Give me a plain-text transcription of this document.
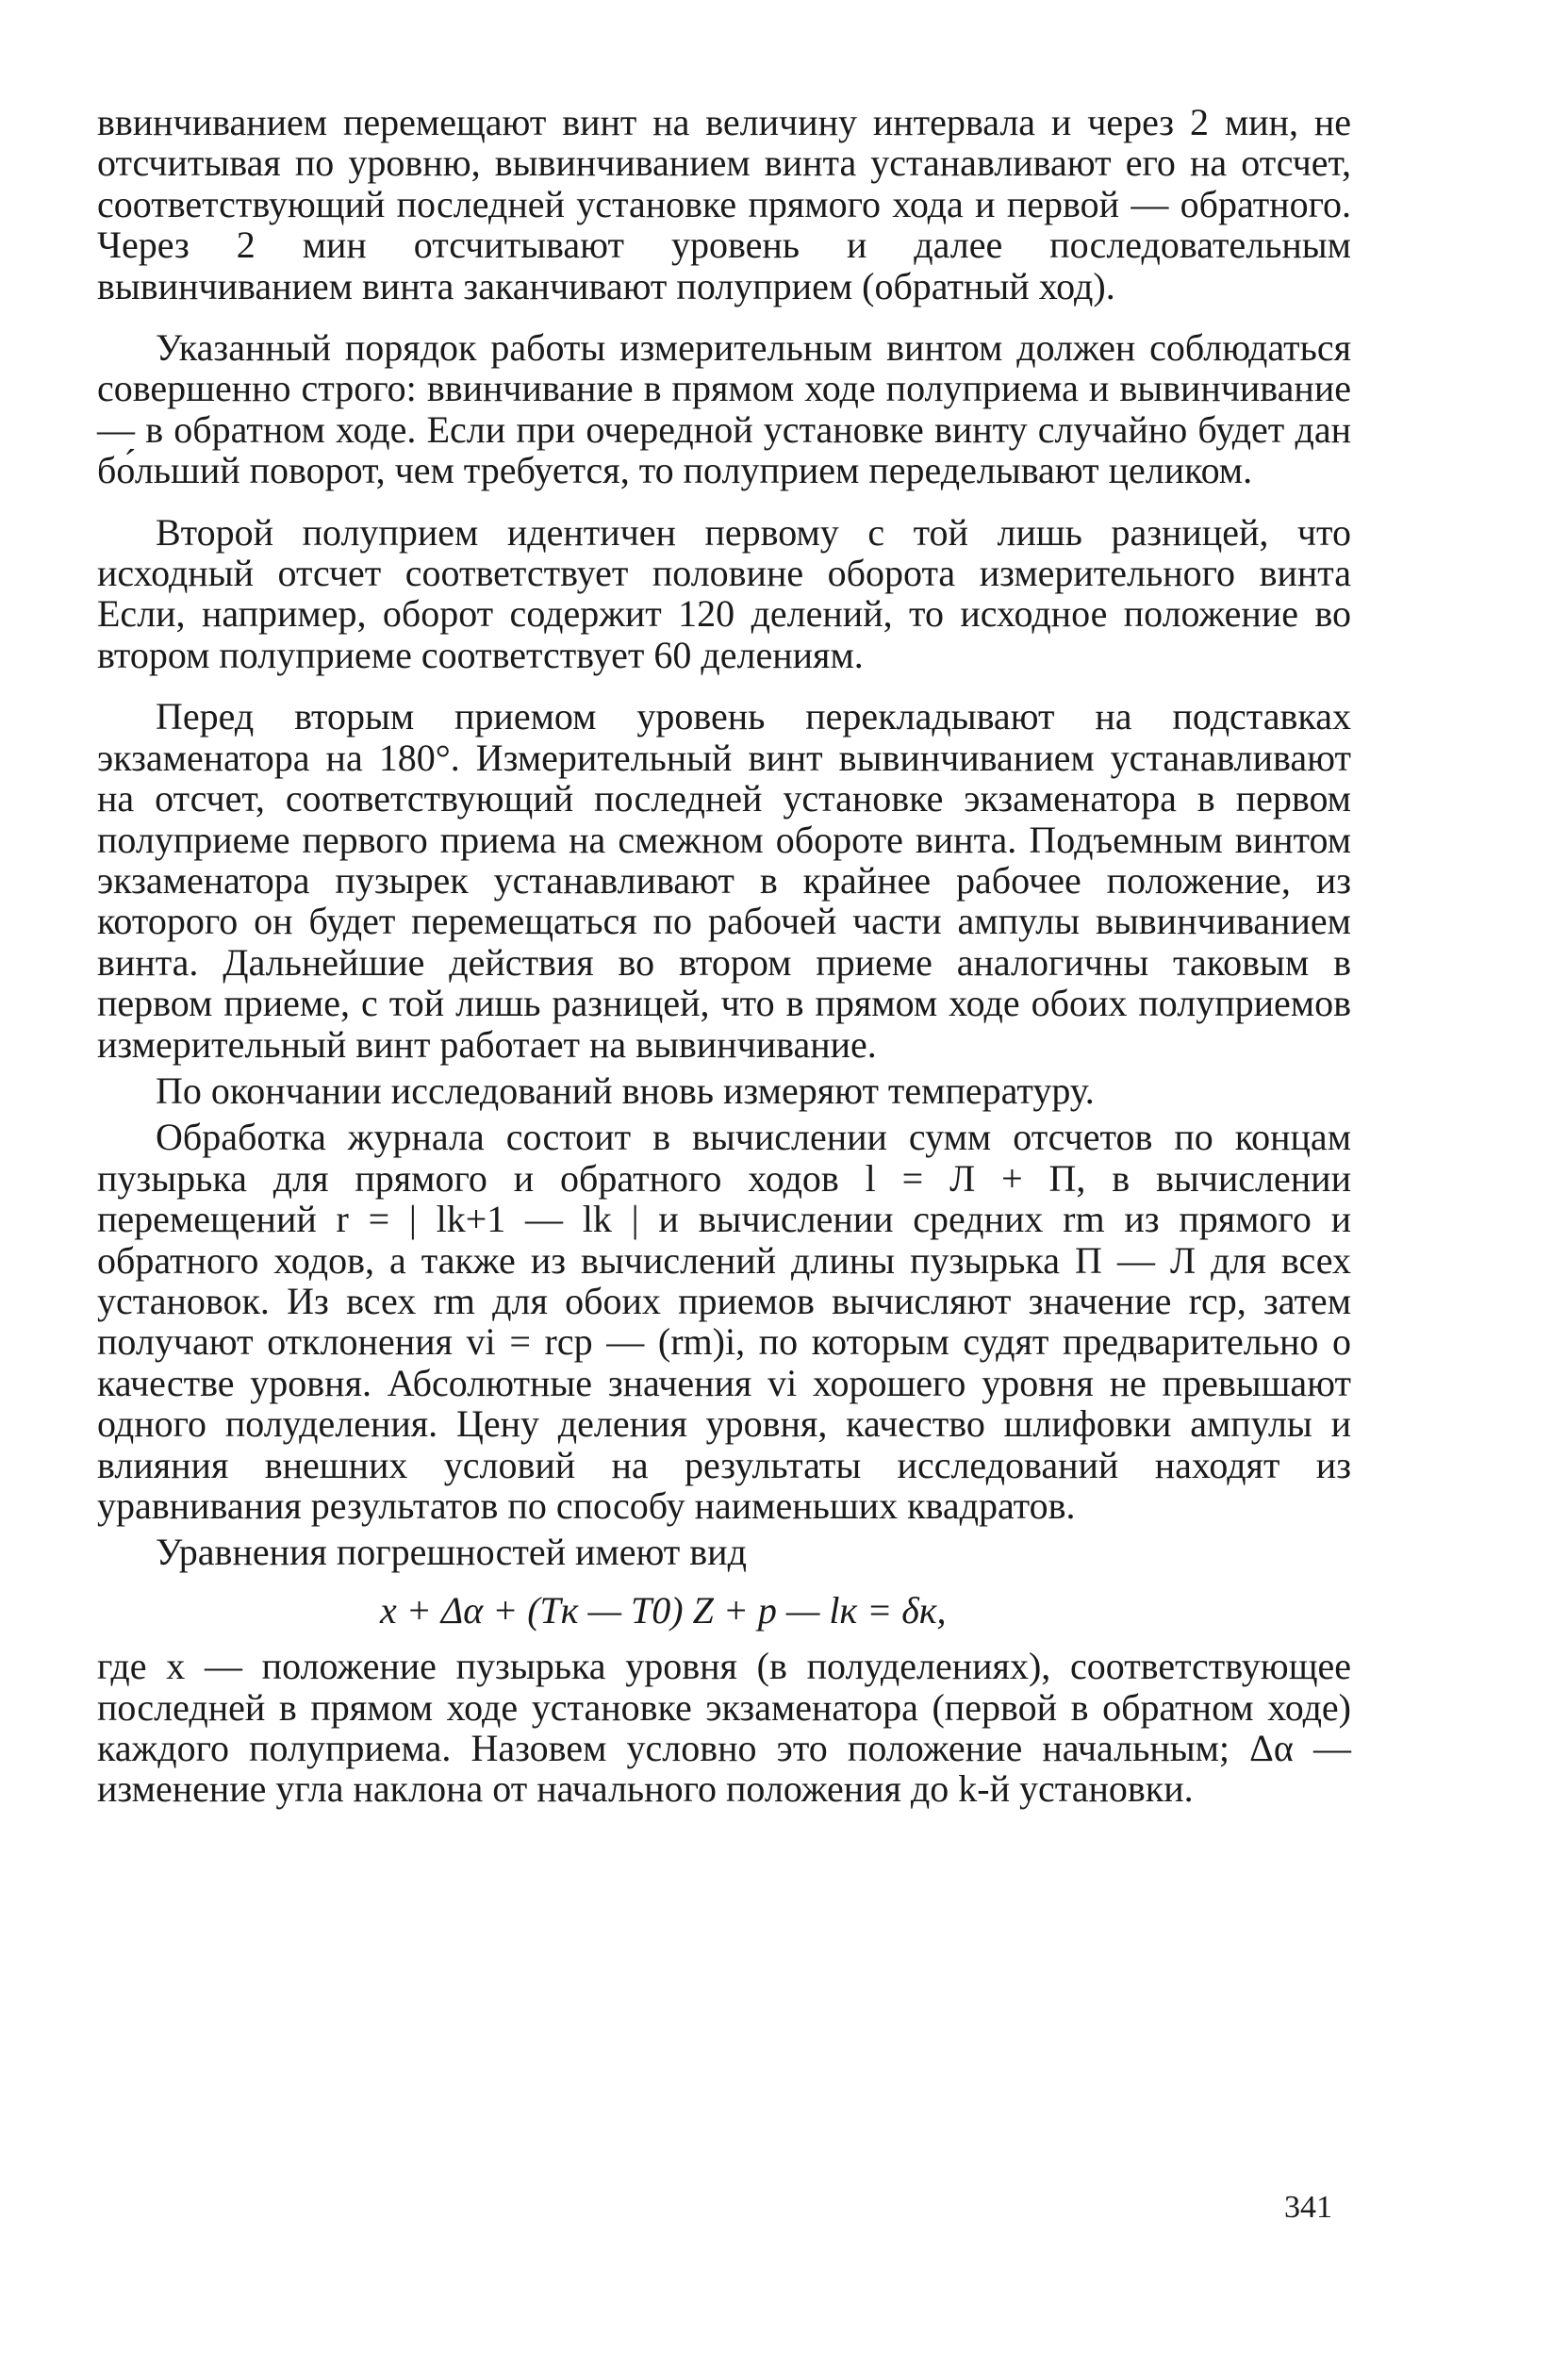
ввинчиванием перемещают винт на величину интервала и через 2 мин, не отсчитывая по уровню, вывинчиванием винта устанавливают его на отсчет, соответствующий последней установке прямого хода и первой — обратного. Через 2 мин отсчитывают уровень и далее последовательным вывинчиванием винта заканчивают полуприем (обратный ход).

Указанный порядок работы измерительным винтом должен соблюдаться совершенно строго: ввинчивание в прямом ходе полуприема и вывинчивание — в обратном ходе. Если при очередной установке винту случайно будет дан бо́льший поворот, чем требуется, то полуприем переделывают целиком.

Второй полуприем идентичен первому с той лишь разницей, что исходный отсчет соответствует половине оборота измерительного винта Если, например, оборот содержит 120 делений, то исходное положение во втором полуприеме соответствует 60 делениям.

Перед вторым приемом уровень перекладывают на подставках экзаменатора на 180°. Измерительный винт вывинчиванием устанавливают на отсчет, соответствующий последней установке экзаменатора в первом полуприеме первого приема на смежном обороте винта. Подъемным винтом экзаменатора пузырек устанавливают в крайнее рабочее положение, из которого он будет перемещаться по рабочей части ампулы вывинчиванием винта. Дальнейшие действия во втором приеме аналогичны таковым в первом приеме, с той лишь разницей, что в прямом ходе обоих полуприемов измерительный винт работает на вывинчивание.

По окончании исследований вновь измеряют температуру.

Обработка журнала состоит в вычислении сумм отсчетов по концам пузырька для прямого и обратного ходов l = Л + П, в вычислении перемещений r = | lk+1 — lk | и вычислении средних rm из прямого и обратного ходов, а также из вычислений длины пузырька П — Л для всех установок. Из всех rm для обоих приемов вычисляют значение rср, затем получают отклонения vi = rср — (rm)i, по которым судят предварительно о качестве уровня. Абсолютные значения vi хорошего уровня не превышают одного полуделения. Цену деления уровня, качество шлифовки ампулы и влияния внешних условий на результаты исследований находят из уравнивания результатов по способу наименьших квадратов.

Уравнения погрешностей имеют вид

x + Δα + (Tк — T0) Z + p — lк = δк,

где x — положение пузырька уровня (в полуделениях), соответствующее последней в прямом ходе установке экзаменатора (первой в обратном ходе) каждого полуприема. Назовем условно это положение начальным; Δα — изменение угла наклона от начального положения до k-й установки.

341
